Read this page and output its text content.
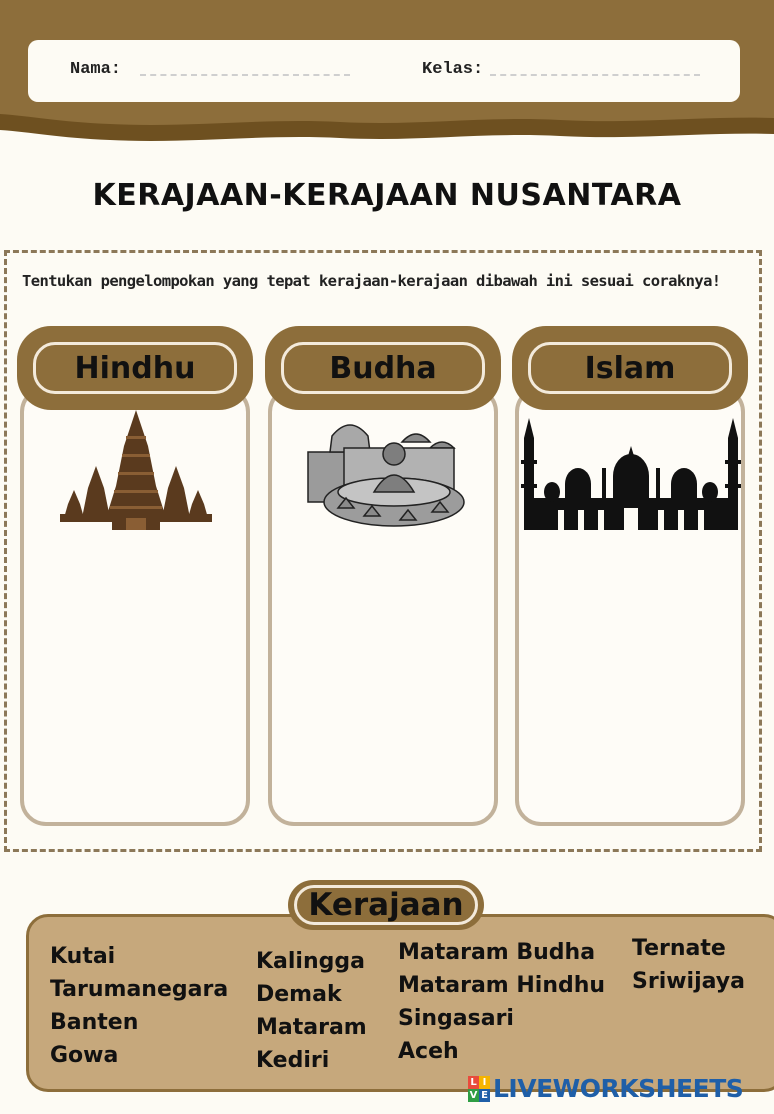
Nama:	Kelas:
KERAJAAN-KERAJAAN NUSANTARA
Tentukan pengelompokan yang tepat kerajaan-kerajaan dibawah ini sesuai coraknya!
Hindhu	Budha	Islam
Kerajaan
Kutai
Tarumanegara
Banten
Gowa
Kalingga
Demak
Mataram
Kediri
Mataram Budha
Mataram Hindhu
Singasari
Aceh
Ternate
Sriwijaya
L I
V E LIVEWORKSHEETS
